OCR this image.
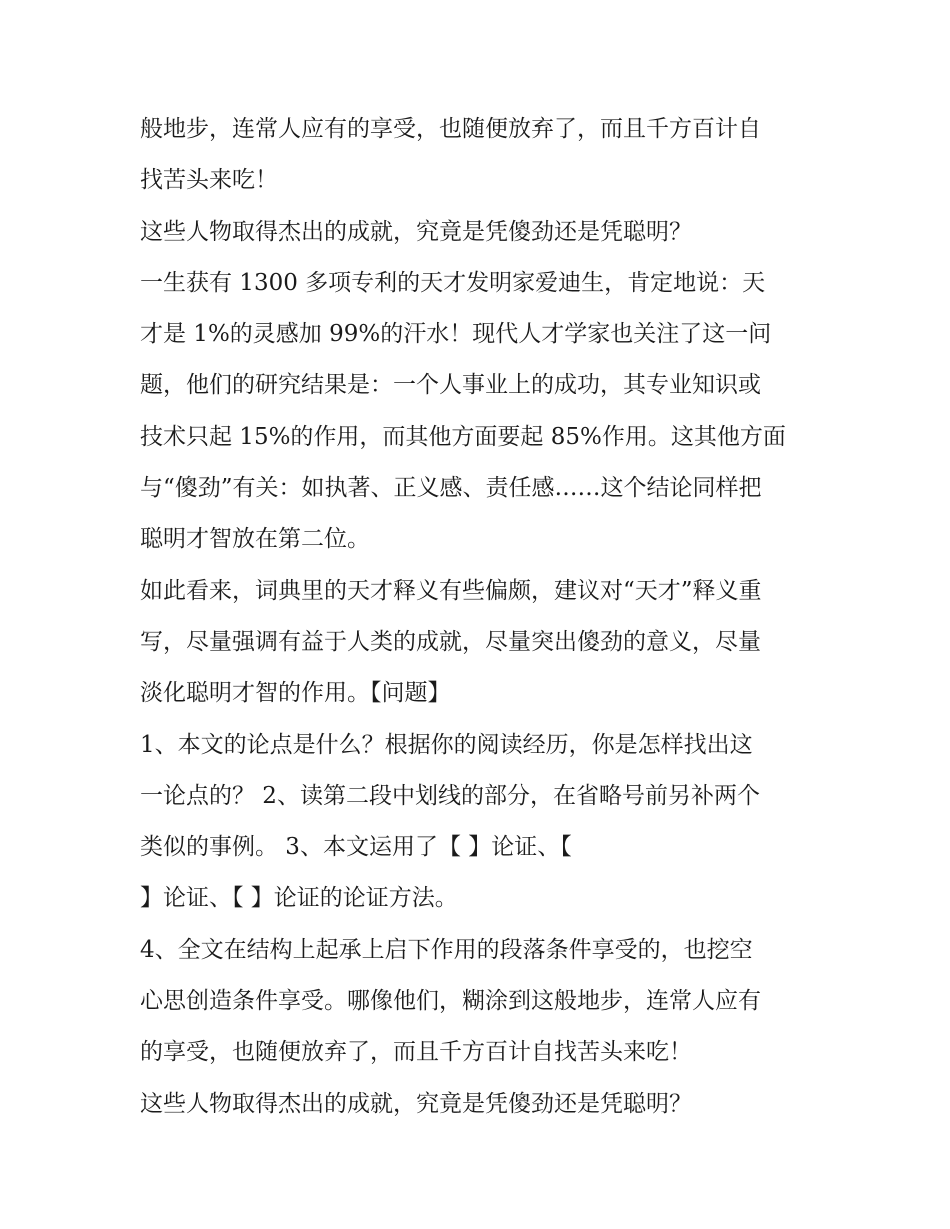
般地步，连常人应有的享受，也随便放弃了，而且千方百计自
找苦头来吃！
这些人物取得杰出的成就，究竟是凭傻劲还是凭聪明？
一生获有 1300 多项专利的天才发明家爱迪生，肯定地说：天
才是 1%的灵感加 99%的汗水！现代人才学家也关注了这一问
题，他们的研究结果是：一个人事业上的成功，其专业知识或
技术只起 15%的作用，而其他方面要起 85%作用。这其他方面
与“傻劲”有关：如执著、正义感、责任感……这个结论同样把
聪明才智放在第二位。
如此看来，词典里的天才释义有些偏颇，建议对“天才”释义重
写，尽量强调有益于人类的成就，尽量突出傻劲的意义，尽量
淡化聪明才智的作用。【问题】
1、本文的论点是什么？根据你的阅读经历，你是怎样找出这
一论点的？ 2、读第二段中划线的部分，在省略号前另补两个
类似的事例。 3、本文运用了【 】论证、【
】论证、【 】论证的论证方法。
4、全文在结构上起承上启下作用的段落条件享受的，也挖空
心思创造条件享受。哪像他们，糊涂到这般地步，连常人应有
的享受，也随便放弃了，而且千方百计自找苦头来吃！
这些人物取得杰出的成就，究竟是凭傻劲还是凭聪明？
